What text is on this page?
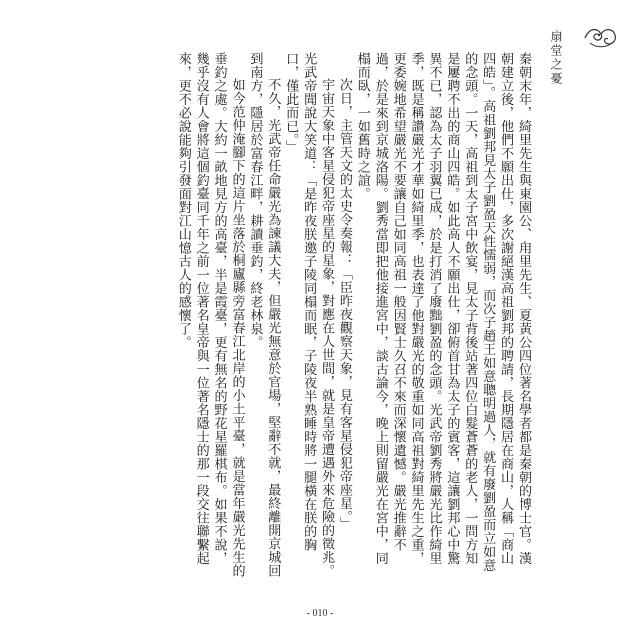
扇堂之憂

秦朝末年，綺里先生與東園公、甪里先生、夏黃公四位著名學者都是秦朝的博士官。漢朝建立後，他們不願出仕，多次謝絕漢高祖劉邦的聘請，長期隱居在商山，人稱「商山四皓」。高祖劉邦見太子劉盈天性懦弱，而次子趙王如意聰明過人，就有廢劉盈而立如意的念頭。一天，高祖到太子宮中飲宴，見太子背後站著四位白髮蒼蒼的老人，一問方知是屢聘不出的商山四皓。如此高人不願出仕，卻俯首甘為太子的賓客，這讓劉邦心中驚異不已，認為太子羽翼已成，於是打消了廢黜劉盈的念頭。光武帝劉秀將嚴光比作綺里季，既是稱讚嚴光才華如綺里季，也表達了他對嚴光的敬重如同高祖對綺里先生之重，更委婉地希望嚴光不要讓自己如同高祖一般因賢士久召不來而深懷遺憾。嚴光推辭不過，於是來到京城洛陽。劉秀當即把他接進宮中，談古論今，晚上則留嚴光在宮中，同榻而臥，一如舊時之誼。

次日，主管天文的太史令奏報：「臣昨夜觀察天象，見有客星侵犯帝座星。」

宇宙天象中客星侵犯帝座星的星象，對應在人世間，就是皇帝遭遇外來危險的徵兆。光武帝聞說大笑道：「是昨夜朕邀子陵同榻而眠，子陵夜半熟睡時將一腿橫在朕的胸口，僅此而已。」

不久，光武帝任命嚴光為諫議大夫，但嚴光無意於官場，堅辭不就，最終離開京城回到南方，隱居於富春江畔，耕讀垂釣，終老林泉。

如今范仲淹腳下的這片坐落於桐廬縣旁富春江北岸的小土平臺，就是當年嚴光先生的垂釣之處。大約一畝地見方的高臺，半是霞臺，更有無名的野花星羅棋布。如果不說，幾乎沒有人會將這個釣臺同千年之前一位著名皇帝與一位著名隱士的那一段交往聯繫起來，更不必說能夠引發面對江山憶古人的感懷了。

- 010 -
